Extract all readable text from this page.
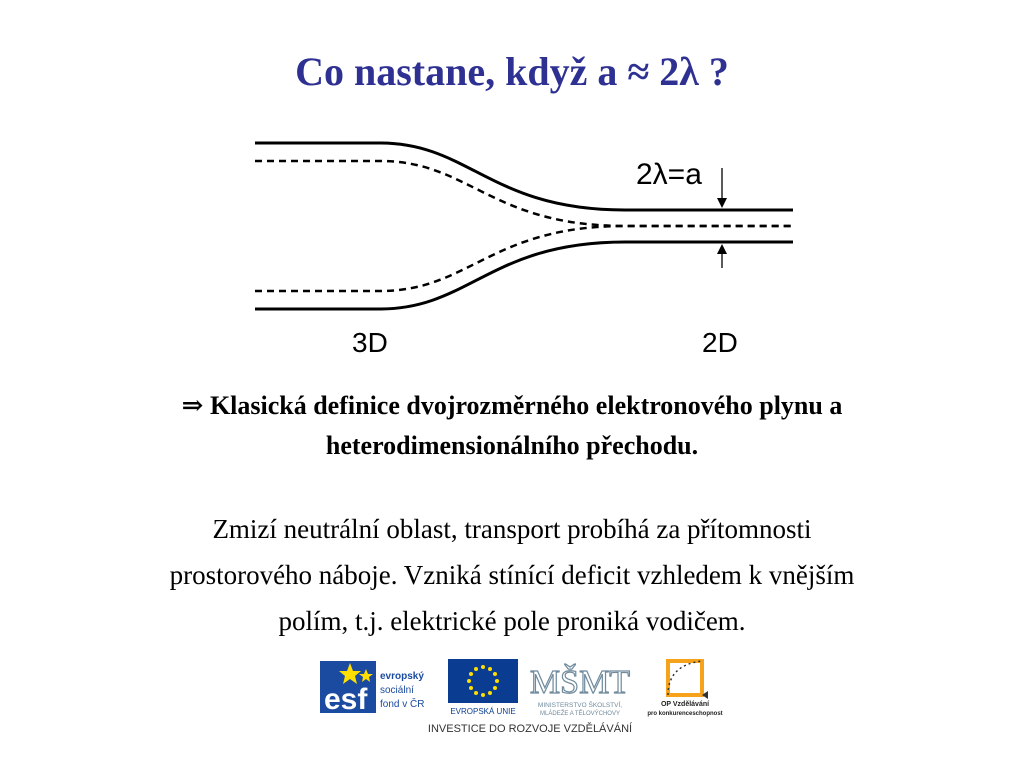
Co nastane, když a ≈ 2λ ?
2λ=a
3D	2D
⇒ Klasická definice dvojrozměrného elektronového plynu a
heterodimensionálního přechodu.
Zmizí neutrální oblast, transport probíhá za přítomnosti
prostorového náboje. Vzniká stínící deficit vzhledem k vnějším
polím, t.j. elektrické pole proniká vodičem.
esf
evropský
sociální
fond v ČR
EVROPSKÁ UNIE
MŠMT
MINISTERSTVO ŠKOLSTVÍ,
MLÁDEŽE A TĚLOVÝCHOVY
OP Vzdělávání
pro konkurenceschopnost
INVESTICE DO ROZVOJE VZDĚLÁVÁNÍ
